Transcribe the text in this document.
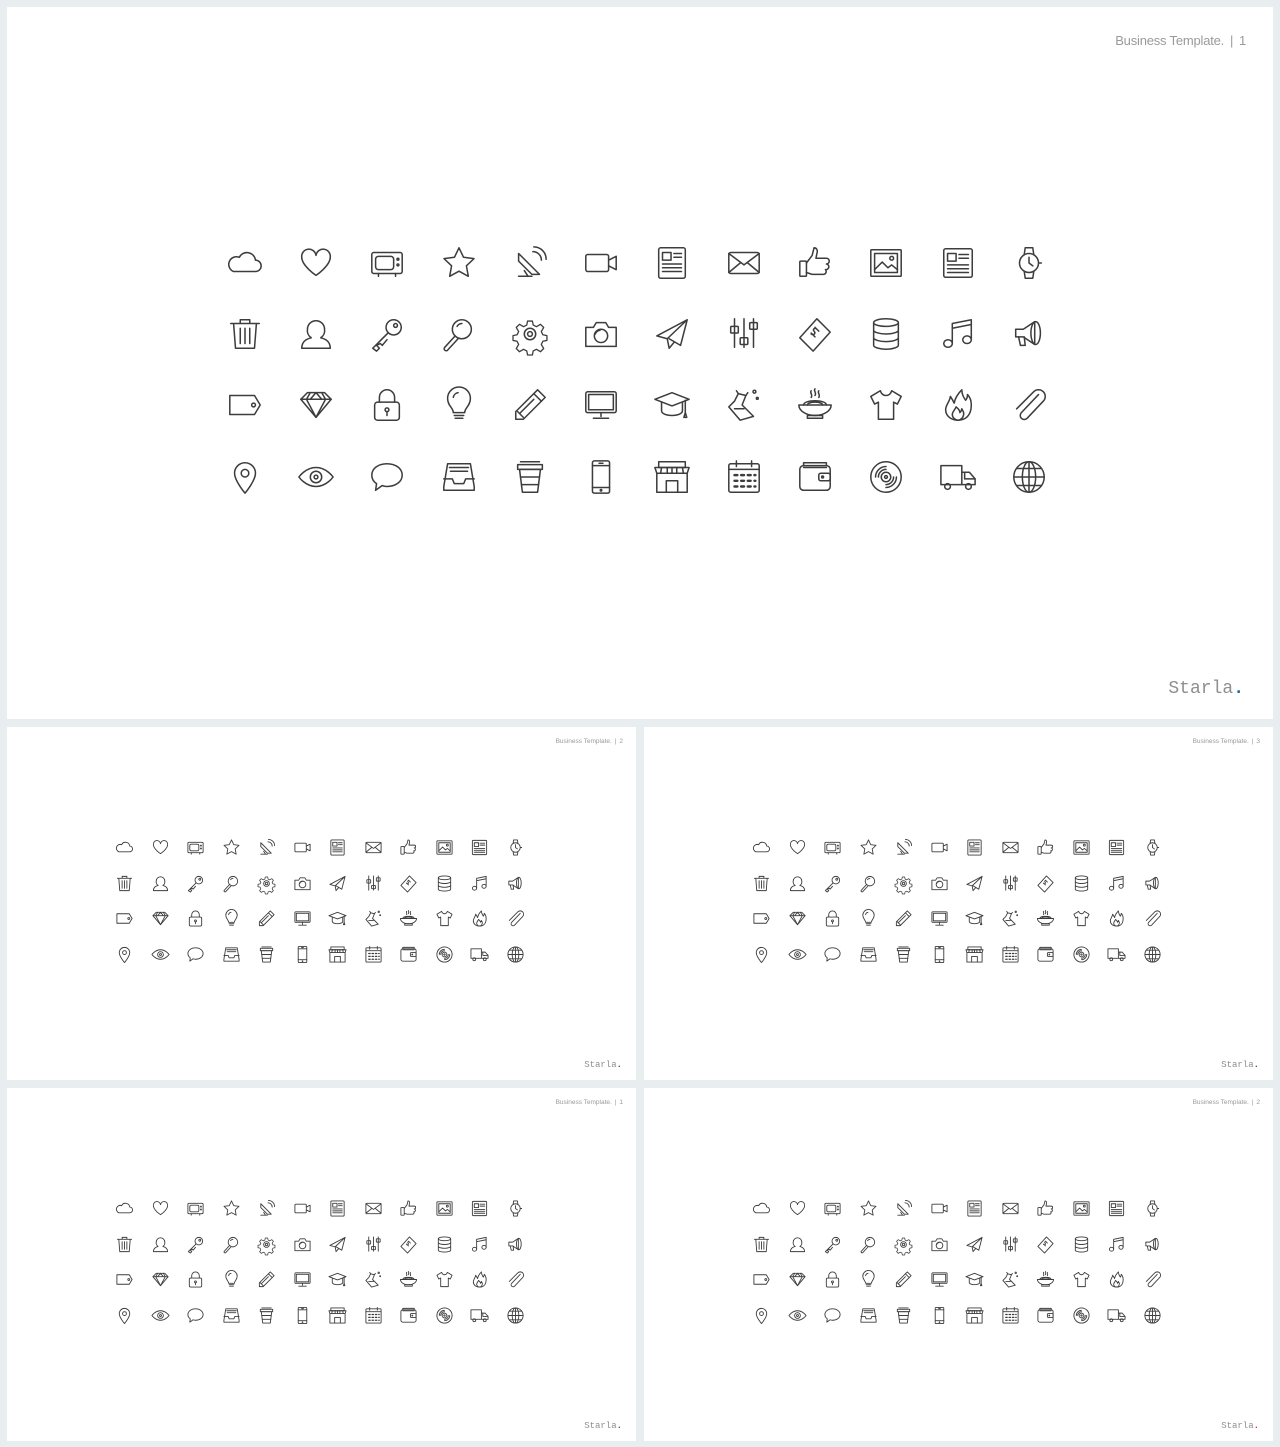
Business Template. | 1
Starla.
Business Template. | 2
Starla.
Business Template. | 3
Starla.
Business Template. | 1
Starla.
Business Template. | 2
Starla.
